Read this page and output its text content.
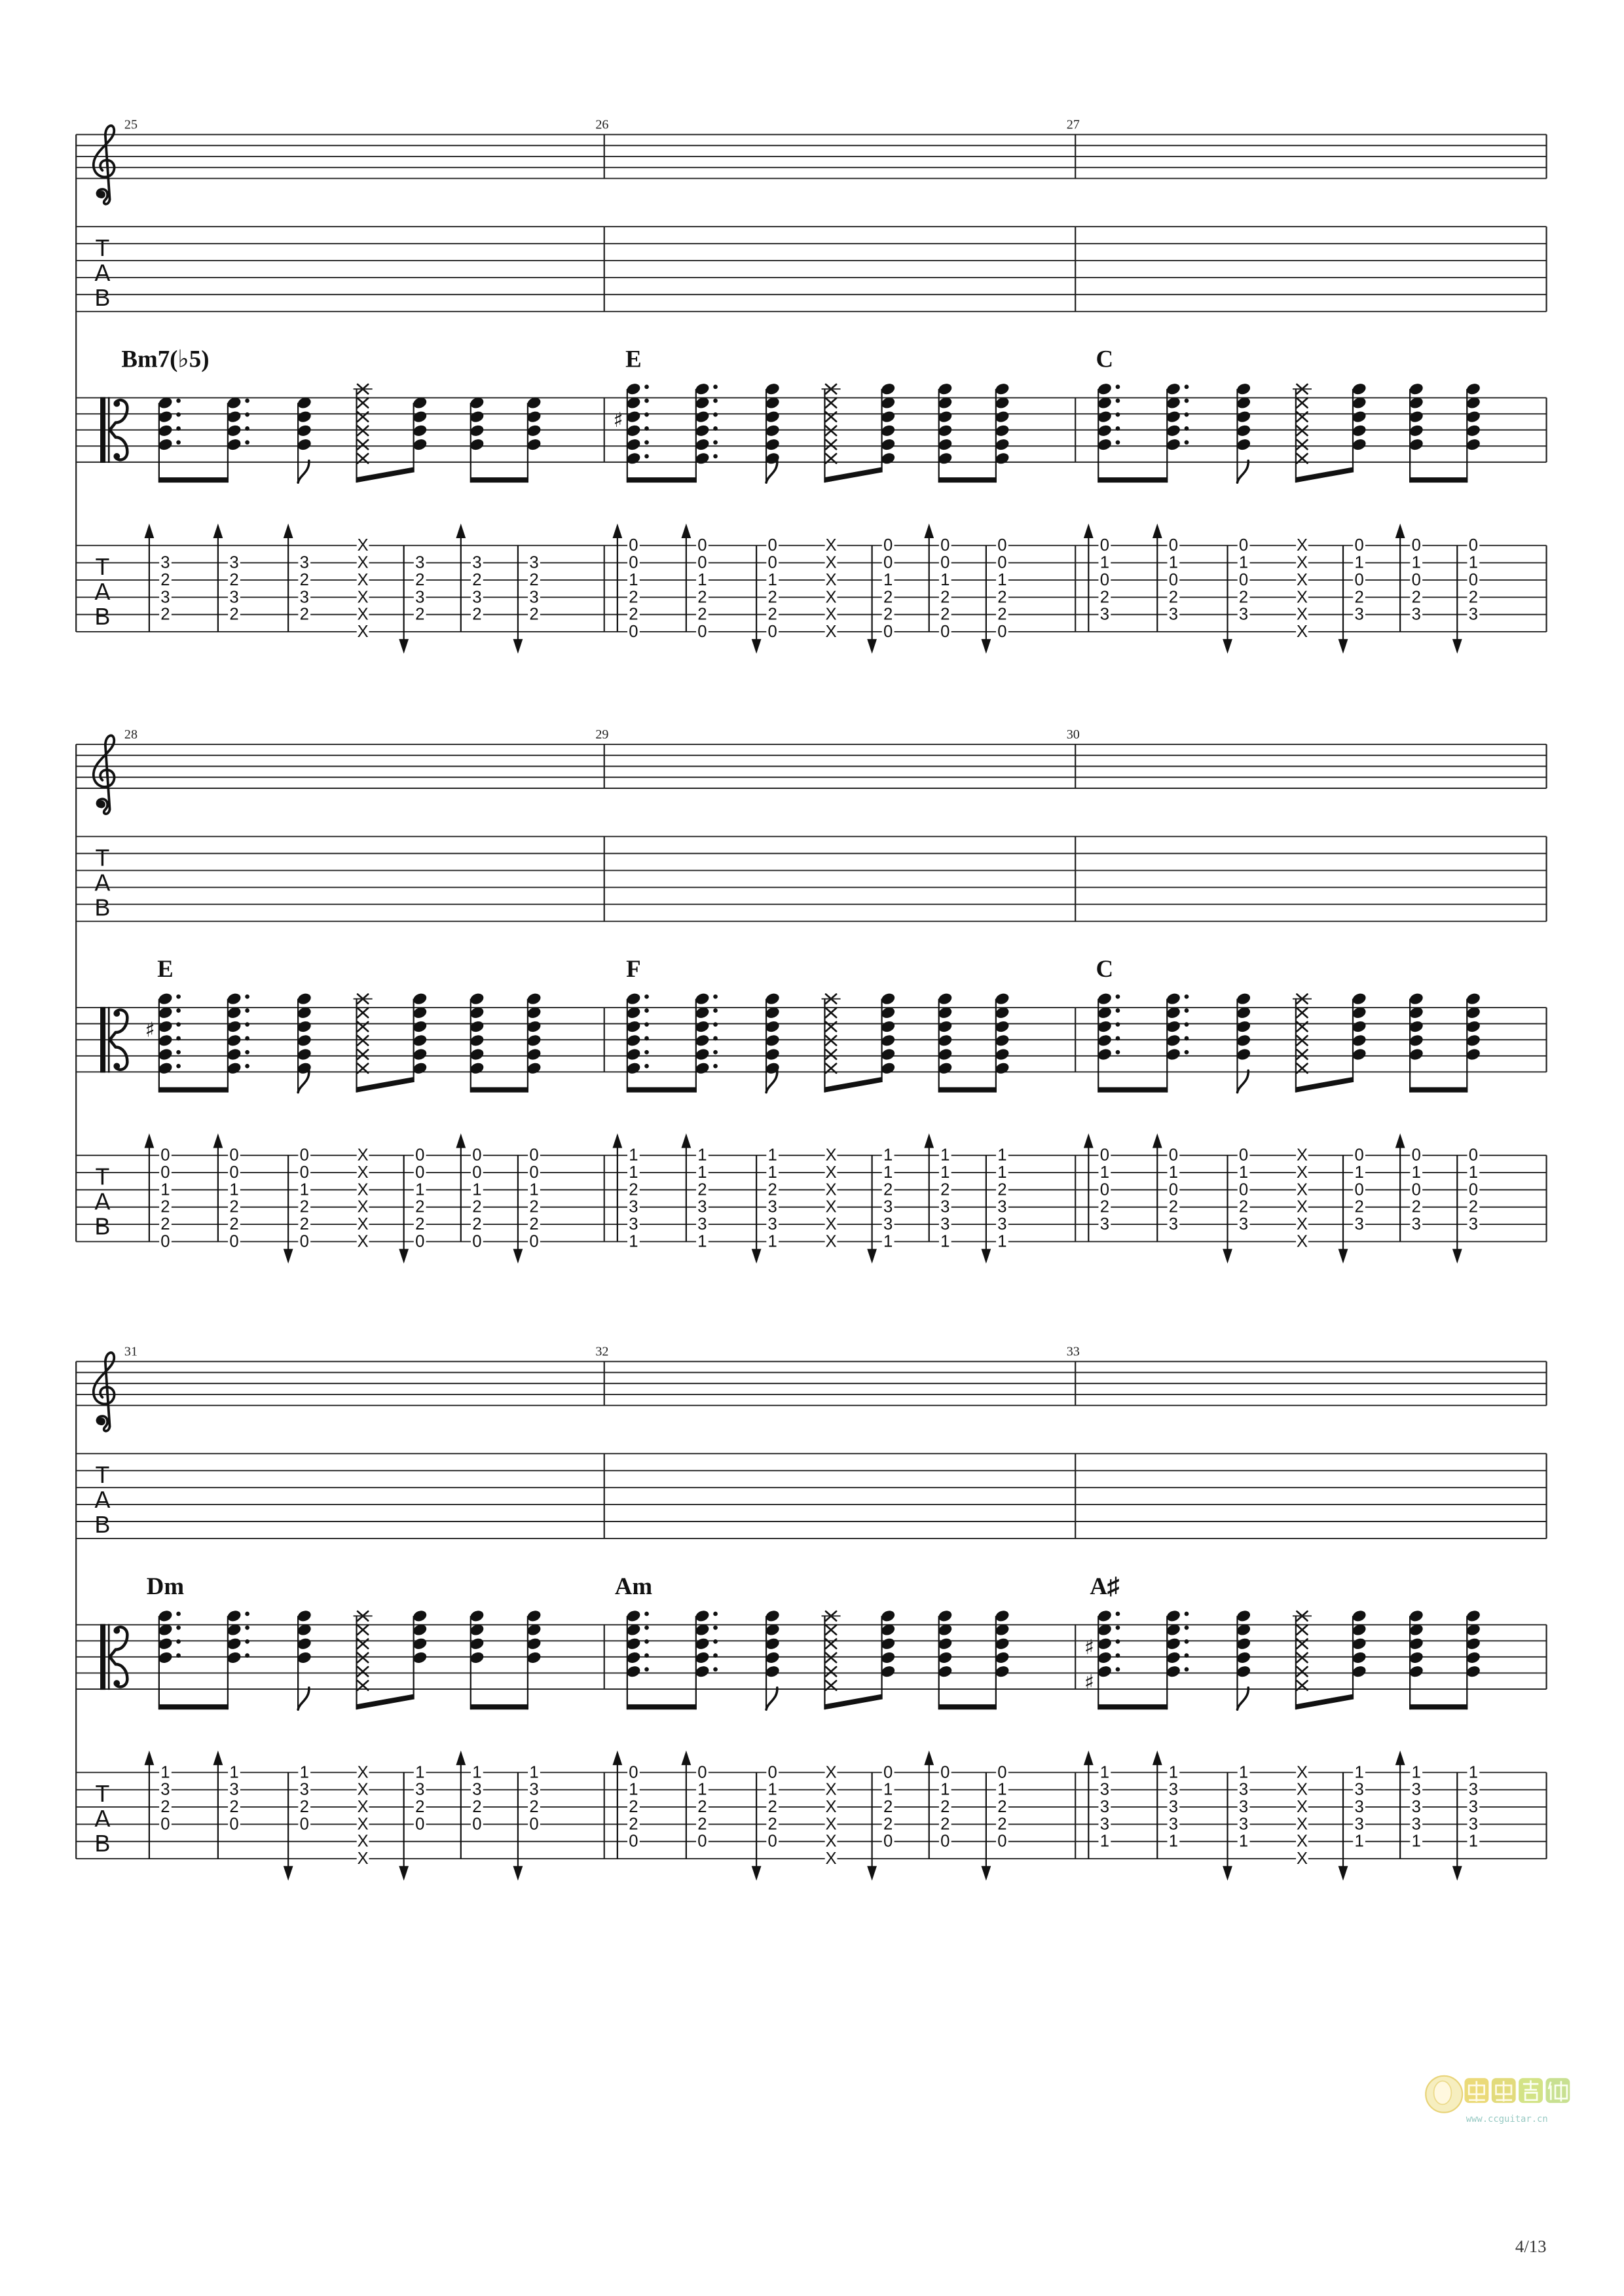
www.ccguitar.cn
4/13
T
A
B
T
A
B
25
Bm7(♭5)
3
2
3
2
3
2
3
2
3
2
3
2
X
X
X
X
X
X
3
2
3
2
3
2
3
2
3
2
3
2
26
E
♯
0
0
1
2
2
0
0
0
1
2
2
0
0
0
1
2
2
0
X
X
X
X
X
X
0
0
1
2
2
0
0
0
1
2
2
0
0
0
1
2
2
0
27
C
0
1
0
2
3
0
1
0
2
3
0
1
0
2
3
X
X
X
X
X
X
0
1
0
2
3
0
1
0
2
3
0
1
0
2
3
T
A
B
T
A
B
28
E
♯
0
0
1
2
2
0
0
0
1
2
2
0
0
0
1
2
2
0
X
X
X
X
X
X
0
0
1
2
2
0
0
0
1
2
2
0
0
0
1
2
2
0
29
F
1
1
2
3
3
1
1
1
2
3
3
1
1
1
2
3
3
1
X
X
X
X
X
X
1
1
2
3
3
1
1
1
2
3
3
1
1
1
2
3
3
1
30
C
0
1
0
2
3
0
1
0
2
3
0
1
0
2
3
X
X
X
X
X
X
0
1
0
2
3
0
1
0
2
3
0
1
0
2
3
T
A
B
T
A
B
31
Dm
1
3
2
0
1
3
2
0
1
3
2
0
X
X
X
X
X
X
1
3
2
0
1
3
2
0
1
3
2
0
32
Am
0
1
2
2
0
0
1
2
2
0
0
1
2
2
0
X
X
X
X
X
X
0
1
2
2
0
0
1
2
2
0
0
1
2
2
0
33
A♯
♯
♯
1
3
3
3
1
1
3
3
3
1
1
3
3
3
1
X
X
X
X
X
X
1
3
3
3
1
1
3
3
3
1
1
3
3
3
1
